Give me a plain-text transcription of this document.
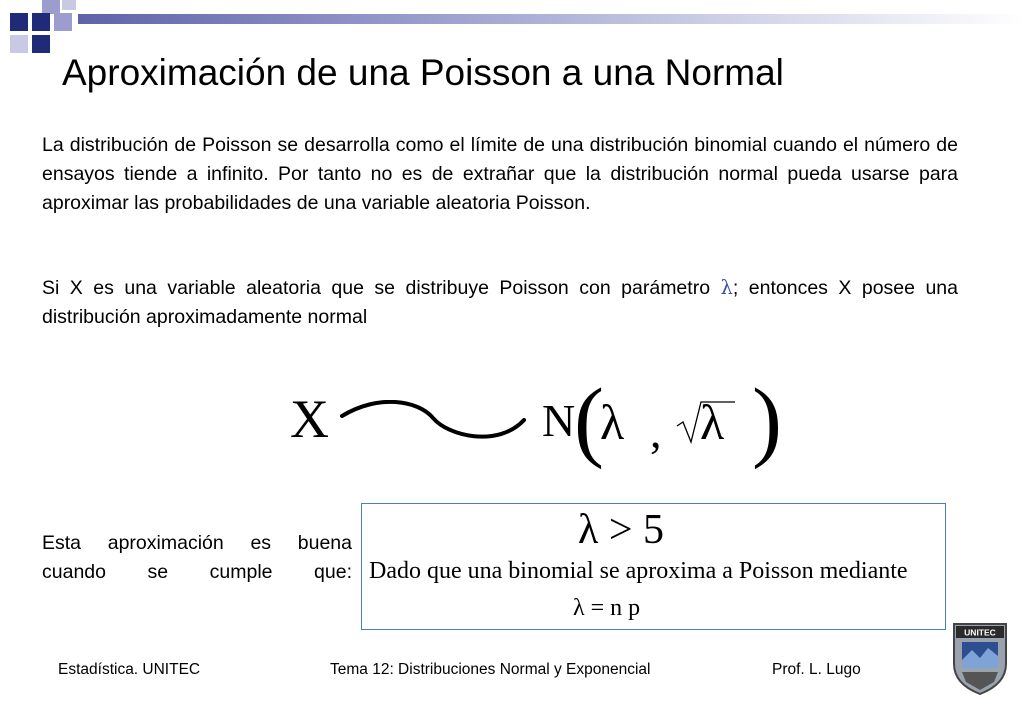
Aproximación de una Poisson a una Normal
La distribución de Poisson se desarrolla como el límite de una distribución binomial cuando el número de ensayos tiende a infinito. Por tanto no es de extrañar que la distribución normal pueda usarse para aproximar las probabilidades de una variable aleatoria Poisson.
Si X es una variable aleatoria que se distribuye Poisson con parámetro λ; entonces X posee una distribución aproximadamente normal
X	N
(
λ , λ )
Esta aproximación es buena cuando se cumple que:
λ > 5
Dado que una binomial se aproxima a Poisson mediante
λ = n p
Estadística. UNITEC	Tema 12: Distribuciones Normal y Exponencial	Prof. L. Lugo
UNITEC
